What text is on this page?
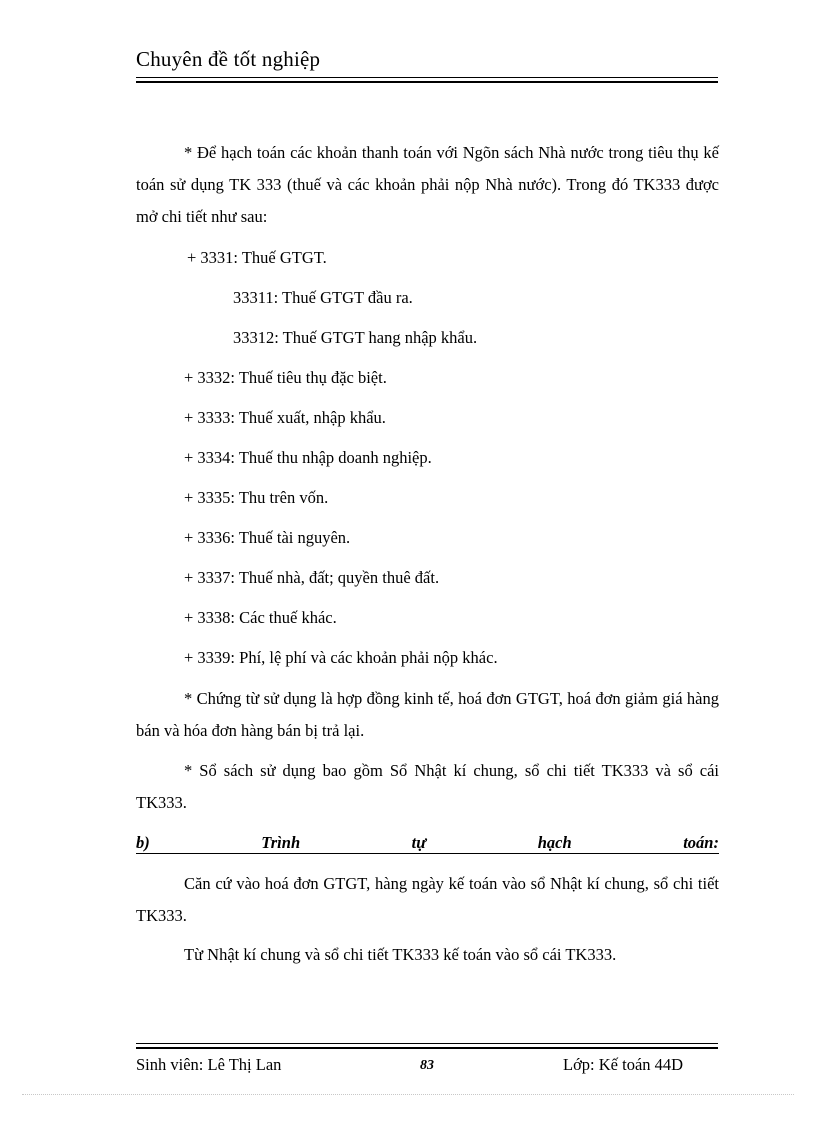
Chuyên đề tốt nghiệp

* Để hạch toán các khoản thanh toán với Ngõn sách Nhà nước trong tiêu thụ kế toán sử dụng TK 333 (thuế và các khoản phải nộp Nhà nước). Trong đó TK333 được mở chi tiết như sau:

+ 3331: Thuế GTGT.
33311: Thuế GTGT đầu ra.
33312: Thuế GTGT hang nhập khẩu.
+ 3332: Thuế tiêu thụ đặc biệt.
+ 3333: Thuế xuất, nhập khẩu.
+ 3334: Thuế thu nhập doanh nghiệp.
+ 3335: Thu trên vốn.
+ 3336: Thuế tài nguyên.
+ 3337: Thuế nhà, đất; quyền thuê đất.
+ 3338: Các thuế khác.
+ 3339: Phí, lệ phí và các khoản phải nộp khác.

* Chứng từ sử dụng là hợp đồng kinh tế, hoá đơn GTGT, hoá đơn giảm giá hàng bán và hóa đơn hàng bán bị trả lại.

* Sổ sách sử dụng bao gồm Sổ Nhật kí chung, sổ chi tiết TK333 và sổ cái TK333.

b)	Trình	tự	hạch	toán:

Căn cứ vào hoá đơn GTGT, hàng ngày kế toán vào sổ Nhật kí chung, sổ chi tiết TK333.

Từ Nhật kí chung và sổ chi tiết TK333 kế toán vào sổ cái TK333.

Sinh viên: Lê Thị Lan	83	Lớp: Kế toán 44D
